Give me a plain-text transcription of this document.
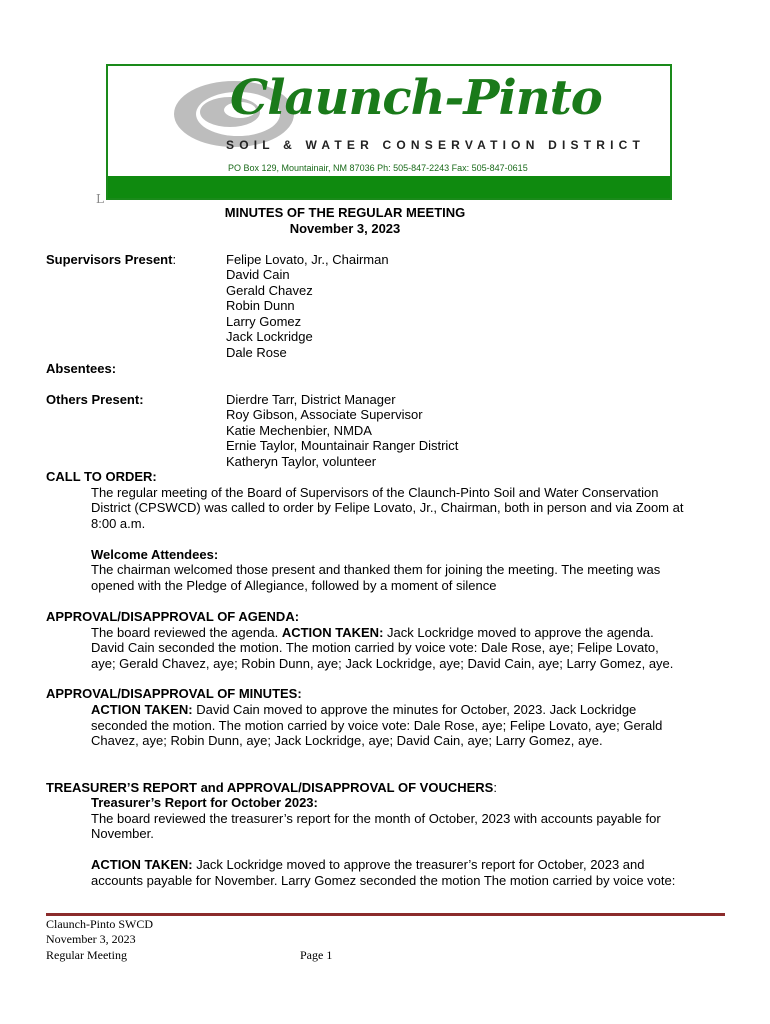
Claunch-Pinto
SOIL & WATER CONSERVATION DISTRICT
PO Box 129, Mountainair, NM 87036 Ph: 505-847-2243 Fax: 505-847-0615
L
MINUTES OF THE REGULAR MEETING
November 3, 2023
Supervisors Present:	Felipe Lovato, Jr., Chairman
David Cain
Gerald Chavez
Robin Dunn
Larry Gomez
Jack Lockridge
Dale Rose
Absentees:
Others Present:	Dierdre Tarr, District Manager
Roy Gibson, Associate Supervisor
Katie Mechenbier, NMDA
Ernie Taylor, Mountainair Ranger District
Katheryn Taylor, volunteer
CALL TO ORDER:
The regular meeting of the Board of Supervisors of the Claunch-Pinto Soil and Water Conservation
District (CPSWCD) was called to order by Felipe Lovato, Jr., Chairman, both in person and via Zoom at
8:00 a.m.
Welcome Attendees:
The chairman welcomed those present and thanked them for joining the meeting. The meeting was
opened with the Pledge of Allegiance, followed by a moment of silence
APPROVAL/DISAPPROVAL OF AGENDA:
The board reviewed the agenda. ACTION TAKEN: Jack Lockridge moved to approve the agenda.
David Cain seconded the motion. The motion carried by voice vote: Dale Rose, aye; Felipe Lovato,
aye; Gerald Chavez, aye; Robin Dunn, aye; Jack Lockridge, aye; David Cain, aye; Larry Gomez, aye.
APPROVAL/DISAPPROVAL OF MINUTES:
ACTION TAKEN: David Cain moved to approve the minutes for October, 2023. Jack Lockridge
seconded the motion. The motion carried by voice vote: Dale Rose, aye; Felipe Lovato, aye; Gerald
Chavez, aye; Robin Dunn, aye; Jack Lockridge, aye; David Cain, aye; Larry Gomez, aye.
TREASURER’S REPORT and APPROVAL/DISAPPROVAL OF VOUCHERS:
Treasurer’s Report for October 2023:
The board reviewed the treasurer’s report for the month of October, 2023 with accounts payable for
November.
ACTION TAKEN: Jack Lockridge moved to approve the treasurer’s report for October, 2023 and
accounts payable for November. Larry Gomez seconded the motion The motion carried by voice vote:
Claunch-Pinto SWCD
November 3, 2023
Regular Meeting	Page 1
